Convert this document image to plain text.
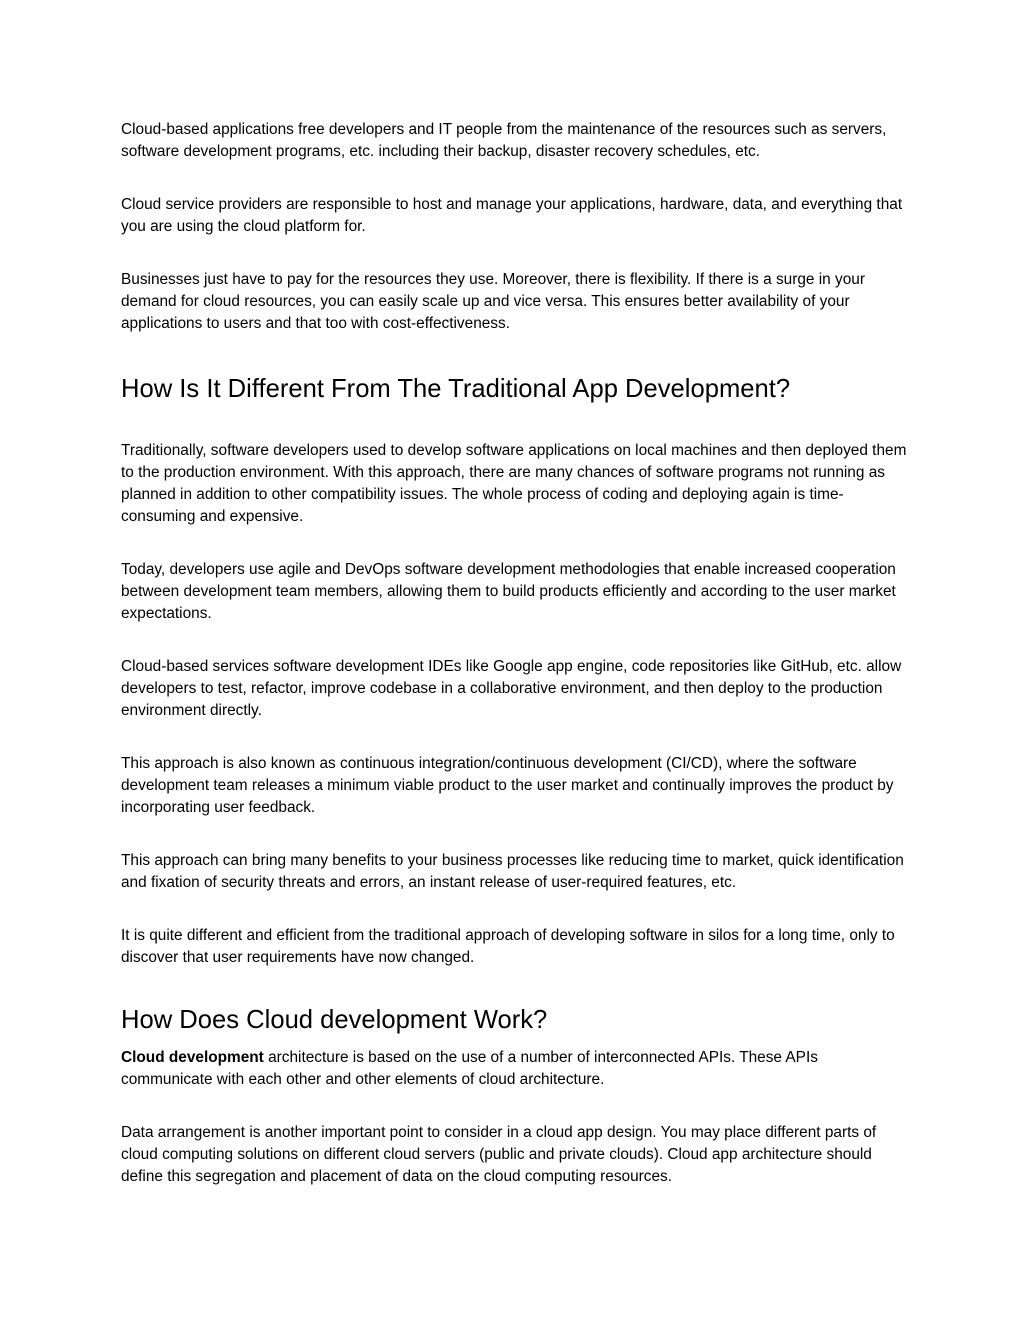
Cloud-based applications free developers and IT people from the maintenance of the resources such as servers, software development programs, etc. including their backup, disaster recovery schedules, etc.

Cloud service providers are responsible to host and manage your applications, hardware, data, and everything that you are using the cloud platform for.

Businesses just have to pay for the resources they use. Moreover, there is flexibility. If there is a surge in your demand for cloud resources, you can easily scale up and vice versa. This ensures better availability of your applications to users and that too with cost-effectiveness.

How Is It Different From The Traditional App Development?

Traditionally, software developers used to develop software applications on local machines and then deployed them to the production environment. With this approach, there are many chances of software programs not running as planned in addition to other compatibility issues. The whole process of coding and deploying again is time-consuming and expensive.

Today, developers use agile and DevOps software development methodologies that enable increased cooperation between development team members, allowing them to build products efficiently and according to the user market expectations.

Cloud-based services software development IDEs like Google app engine, code repositories like GitHub, etc. allow developers to test, refactor, improve codebase in a collaborative environment, and then deploy to the production environment directly.

This approach is also known as continuous integration/continuous development (CI/CD), where the software development team releases a minimum viable product to the user market and continually improves the product by incorporating user feedback.

This approach can bring many benefits to your business processes like reducing time to market, quick identification and fixation of security threats and errors, an instant release of user-required features, etc.

It is quite different and efficient from the traditional approach of developing software in silos for a long time, only to discover that user requirements have now changed.

How Does Cloud development Work?

Cloud development architecture is based on the use of a number of interconnected APIs. These APIs communicate with each other and other elements of cloud architecture.

Data arrangement is another important point to consider in a cloud app design. You may place different parts of cloud computing solutions on different cloud servers (public and private clouds). Cloud app architecture should define this segregation and placement of data on the cloud computing resources.
